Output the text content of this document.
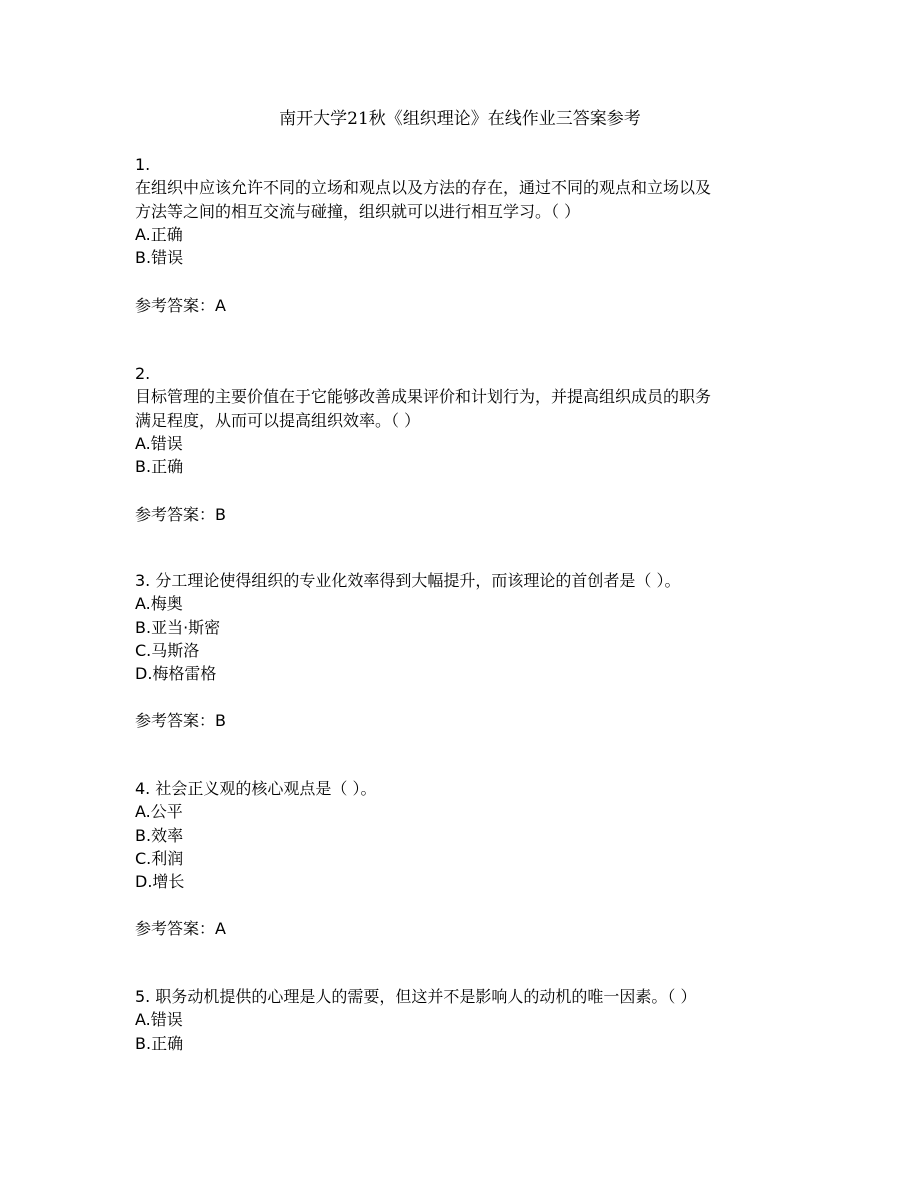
南开大学21秋《组织理论》在线作业三答案参考
1.
在组织中应该允许不同的立场和观点以及方法的存在，通过不同的观点和立场以及
方法等之间的相互交流与碰撞，组织就可以进行相互学习。（ ）
A.正确
B.错误
参考答案：A
2.
目标管理的主要价值在于它能够改善成果评价和计划行为，并提高组织成员的职务
满足程度，从而可以提高组织效率。（ ）
A.错误
B.正确
参考答案：B
3. 分工理论使得组织的专业化效率得到大幅提升，而该理论的首创者是（ ）。
A.梅奥
B.亚当·斯密
C.马斯洛
D.梅格雷格
参考答案：B
4. 社会正义观的核心观点是（ ）。
A.公平
B.效率
C.利润
D.增长
参考答案：A
5. 职务动机提供的心理是人的需要，但这并不是影响人的动机的唯一因素。（ ）
A.错误
B.正确
